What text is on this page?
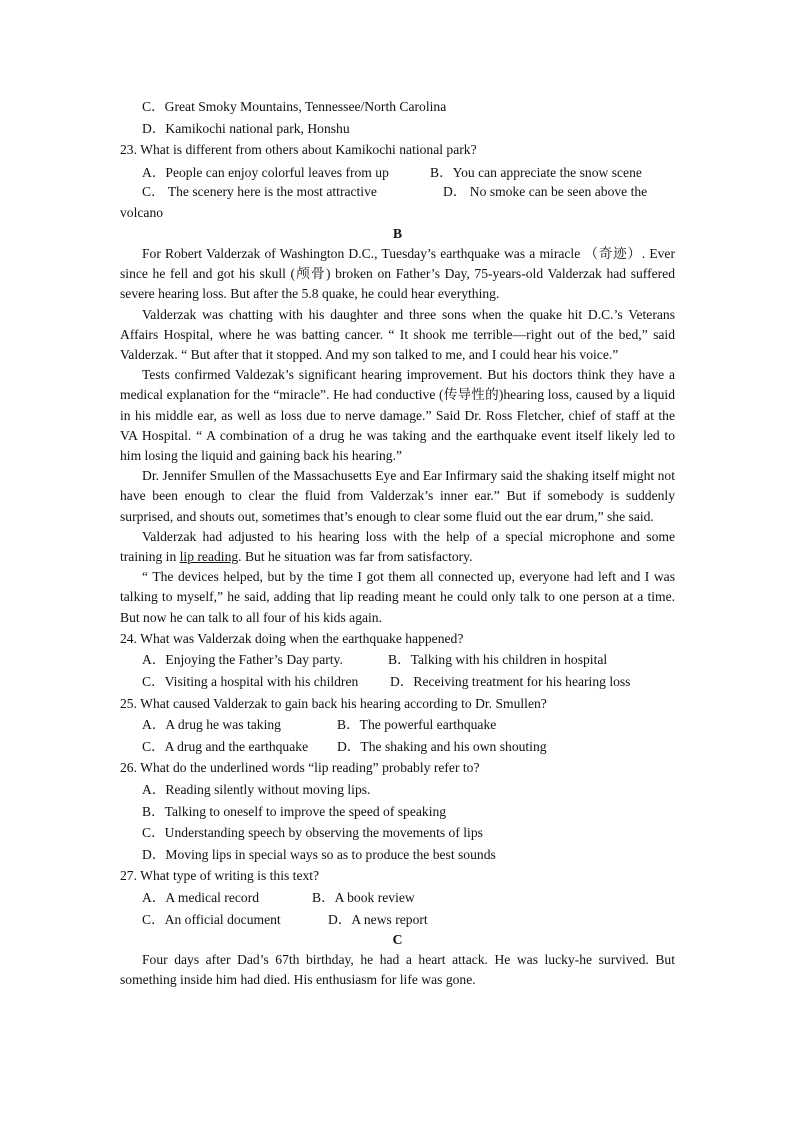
C．Great Smoky Mountains, Tennessee/North Carolina
D．Kamikochi national park, Honshu
23. What is different from others about Kamikochi national park?
A．People can enjoy colorful leaves from up	B．You can appreciate the snow scene
C． The scenery here is the most attractive	D． No smoke can be seen above the
volcano
B

For Robert Valderzak of Washington D.C., Tuesday’s earthquake was a miracle （奇迹）. Ever since he fell and got his skull (颅骨) broken on Father’s Day, 75-years-old Valderzak had suffered severe hearing loss. But after the 5.8 quake, he could hear everything.

Valderzak was chatting with his daughter and three sons when the quake hit D.C.’s Veterans Affairs Hospital, where he was batting cancer. “ It shook me terrible—right out of the bed,” said Valderzak. “ But after that it stopped. And my son talked to me, and I could hear his voice.”

Tests confirmed Valdezak’s significant hearing improvement. But his doctors think they have a medical explanation for the “miracle”. He had conductive (传导性的)hearing loss, caused by a liquid in his middle ear, as well as loss due to nerve damage.” Said Dr. Ross Fletcher, chief of staff at the VA Hospital. “ A combination of a drug he was taking and the earthquake event itself likely led to him losing the liquid and gaining back his hearing.”

Dr. Jennifer Smullen of the Massachusetts Eye and Ear Infirmary said the shaking itself might not have been enough to clear the fluid from Valderzak’s inner ear.” But if somebody is suddenly surprised, and shouts out, sometimes that’s enough to clear some fluid out the ear drum,” she said.

Valderzak had adjusted to his hearing loss with the help of a special microphone and some training in lip reading. But he situation was far from satisfactory.

“ The devices helped, but by the time I got them all connected up, everyone had left and I was talking to myself,” he said, adding that lip reading meant he could only talk to one person at a time. But now he can talk to all four of his kids again.

24. What was Valderzak doing when the earthquake happened?
A．Enjoying the Father’s Day party.	B．Talking with his children in hospital
C．Visiting a hospital with his children	D．Receiving treatment for his hearing loss
25. What caused Valderzak to gain back his hearing according to Dr. Smullen?
A．A drug he was taking	B．The powerful earthquake
C．A drug and the earthquake	D．The shaking and his own shouting
26. What do the underlined words “lip reading” probably refer to?
A．Reading silently without moving lips.
B．Talking to oneself to improve the speed of speaking
C．Understanding speech by observing the movements of lips
D．Moving lips in special ways so as to produce the best sounds
27. What type of writing is this text?
A．A medical record	B．A book review
C．An official document	D．A news report
C

Four days after Dad’s 67th birthday, he had a heart attack. He was lucky-he survived. But something inside him had died. His enthusiasm for life was gone.
